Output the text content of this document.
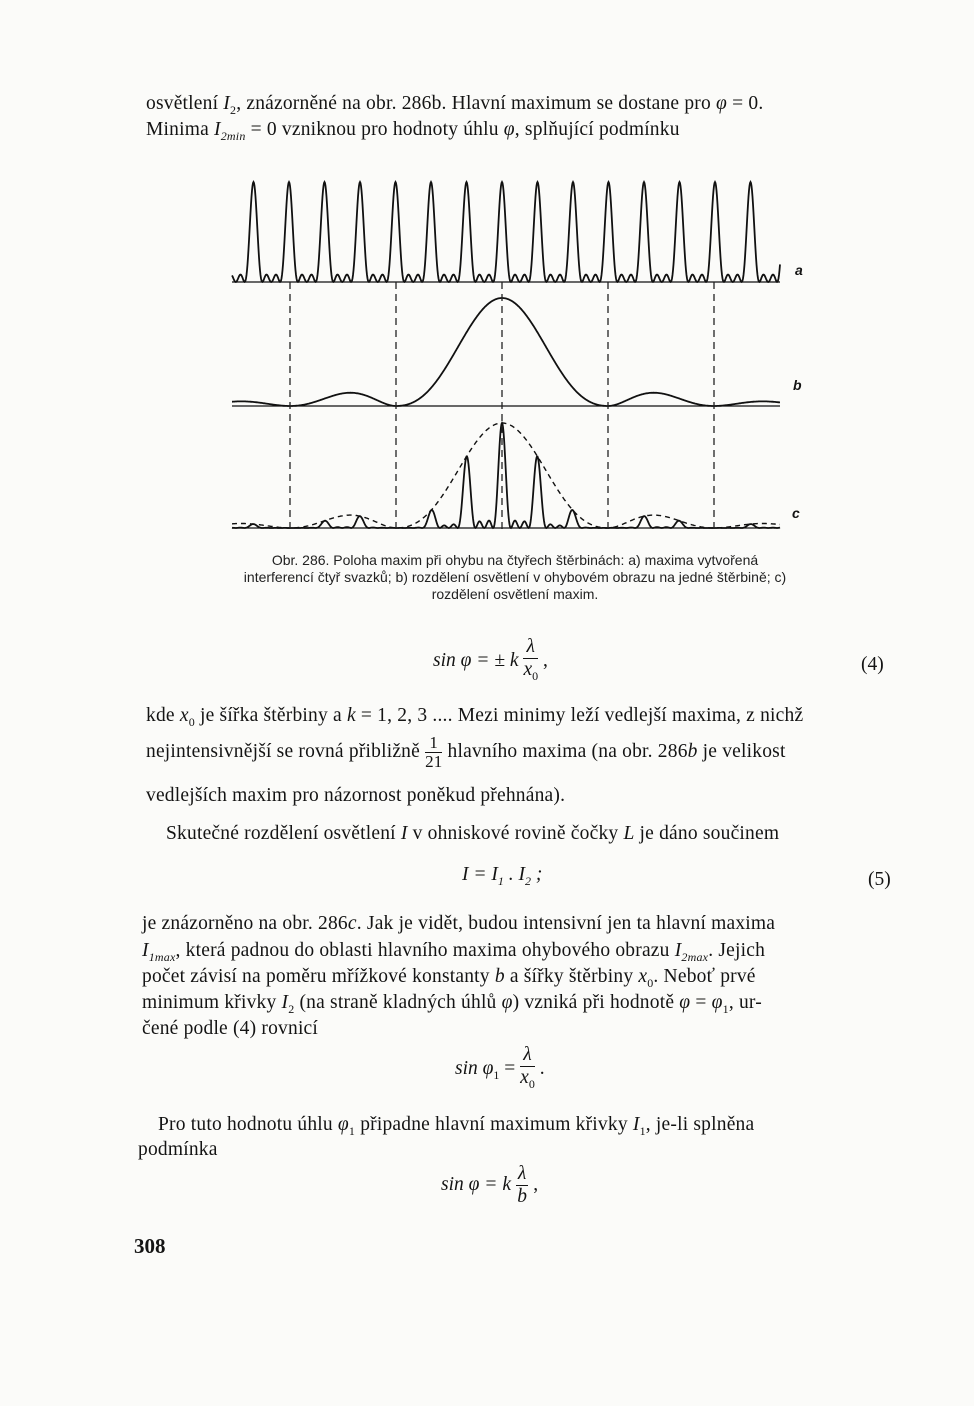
osvětlení $I_2$, znázorněné na obr. 286b. Hlavní maximum se dostane pro φ = 0.
Minima $I_{2min} = 0$ vzniknou pro hodnoty úhlu φ, splňující podmínku
a
b
c
Obr. 286. Poloha maxim při ohybu na čtyřech štěrbinách: a) maxima vytvořená interferencí čtyř svazků; b) rozdělení osvětlení v ohybovém obrazu na jedné štěrbině; c) rozdělení osvětlení maxim.
sin φ = ± k $\frac{\lambda}{x_0}$ ,	(4)
kde $x_0$ je šířka štěrbiny a k = 1, 2, 3 .... Mezi minimy leží vedlejší maxima, z nichž
nejintensivnější se rovná přibližně $\frac{1}{21}$ hlavního maxima (na obr. 286b je velikost
vedlejších maxim pro názornost poněkud přehnána).
Skutečné rozdělení osvětlení I v ohniskové rovině čočky L je dáno součinem
$I = I_1$ . $I_2$ ;	(5)
je znázorněno na obr. 286c. Jak je vidět, budou intensivní jen ta hlavní maxima
$I_{1max}$, která padnou do oblasti hlavního maxima ohybového obrazu $I_{2max}$. Jejich
počet závisí na poměru mřížkové konstanty b a šířky štěrbiny $x_0$. Neboť prvé
minimum křivky $I_2$ (na straně kladných úhlů φ) vzniká při hodnotě $\varphi = \varphi_1$, ur-
čené podle (4) rovnicí
$\sin \varphi_1 = \frac{\lambda}{x_0}$ .
Pro tuto hodnotu úhlu $\varphi_1$ připadne hlavní maximum křivky $I_1$, je-li splněna
podmínka
sin φ = k $\frac{\lambda}{b}$ ,
308
